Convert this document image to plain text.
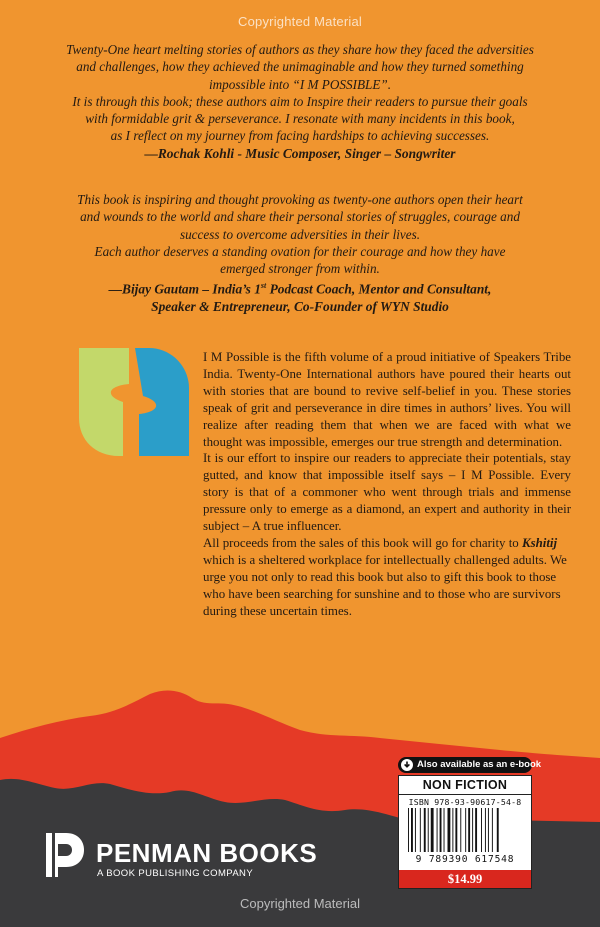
Copyrighted Material

Twenty-One heart melting stories of authors as they share how they faced the adversities

and challenges, how they achieved the unimaginable and how they turned something

impossible into “I M POSSIBLE”.

It is through this book; these authors aim to Inspire their readers to pursue their goals

with formidable grit & perseverance. I resonate with many incidents in this book,

as I reflect on my journey from facing hardships to achieving successes.

—Rochak Kohli - Music Composer, Singer – Songwriter

This book is inspiring and thought provoking as twenty-one authors open their heart

and wounds to the world and share their personal stories of struggles, courage and

success to overcome adversities in their lives.

Each author deserves a standing ovation for their courage and how they have

emerged stronger from within.

—Bijay Gautam – India’s 1st Podcast Coach, Mentor and Consultant,

Speaker & Entrepreneur, Co-Founder of WYN Studio

I M Possible is the fifth volume of a proud initiative of Speakers Tribe India. Twenty-One International authors have poured their hearts out with stories that are bound to revive self-belief in you. These stories speak of grit and perseverance in dire times in authors’ lives. You will realize after reading them that when we are faced with what we thought was impossible, emerges our true strength and determination.

It is our effort to inspire our readers to appreciate their potentials, stay gutted, and know that impossible itself says – I M Possible. Every story is that of a commoner who went through trials and immense pressure only to emerge as a diamond, an expert and authority in their subject – A true influencer.

All proceeds from the sales of this book will go for charity to Kshitij which is a sheltered workplace for intellectually challenged adults. We urge you not only to read this book but also to gift this book to those who have been searching for sunshine and to those who are survivors during these uncertain times.

PENMAN BOOKS
A BOOK PUBLISHING COMPANY
Also available as an e-book
NON FICTION
ISBN 978-93-90617-54-8
9 789390 617548
$14.99
Copyrighted Material
